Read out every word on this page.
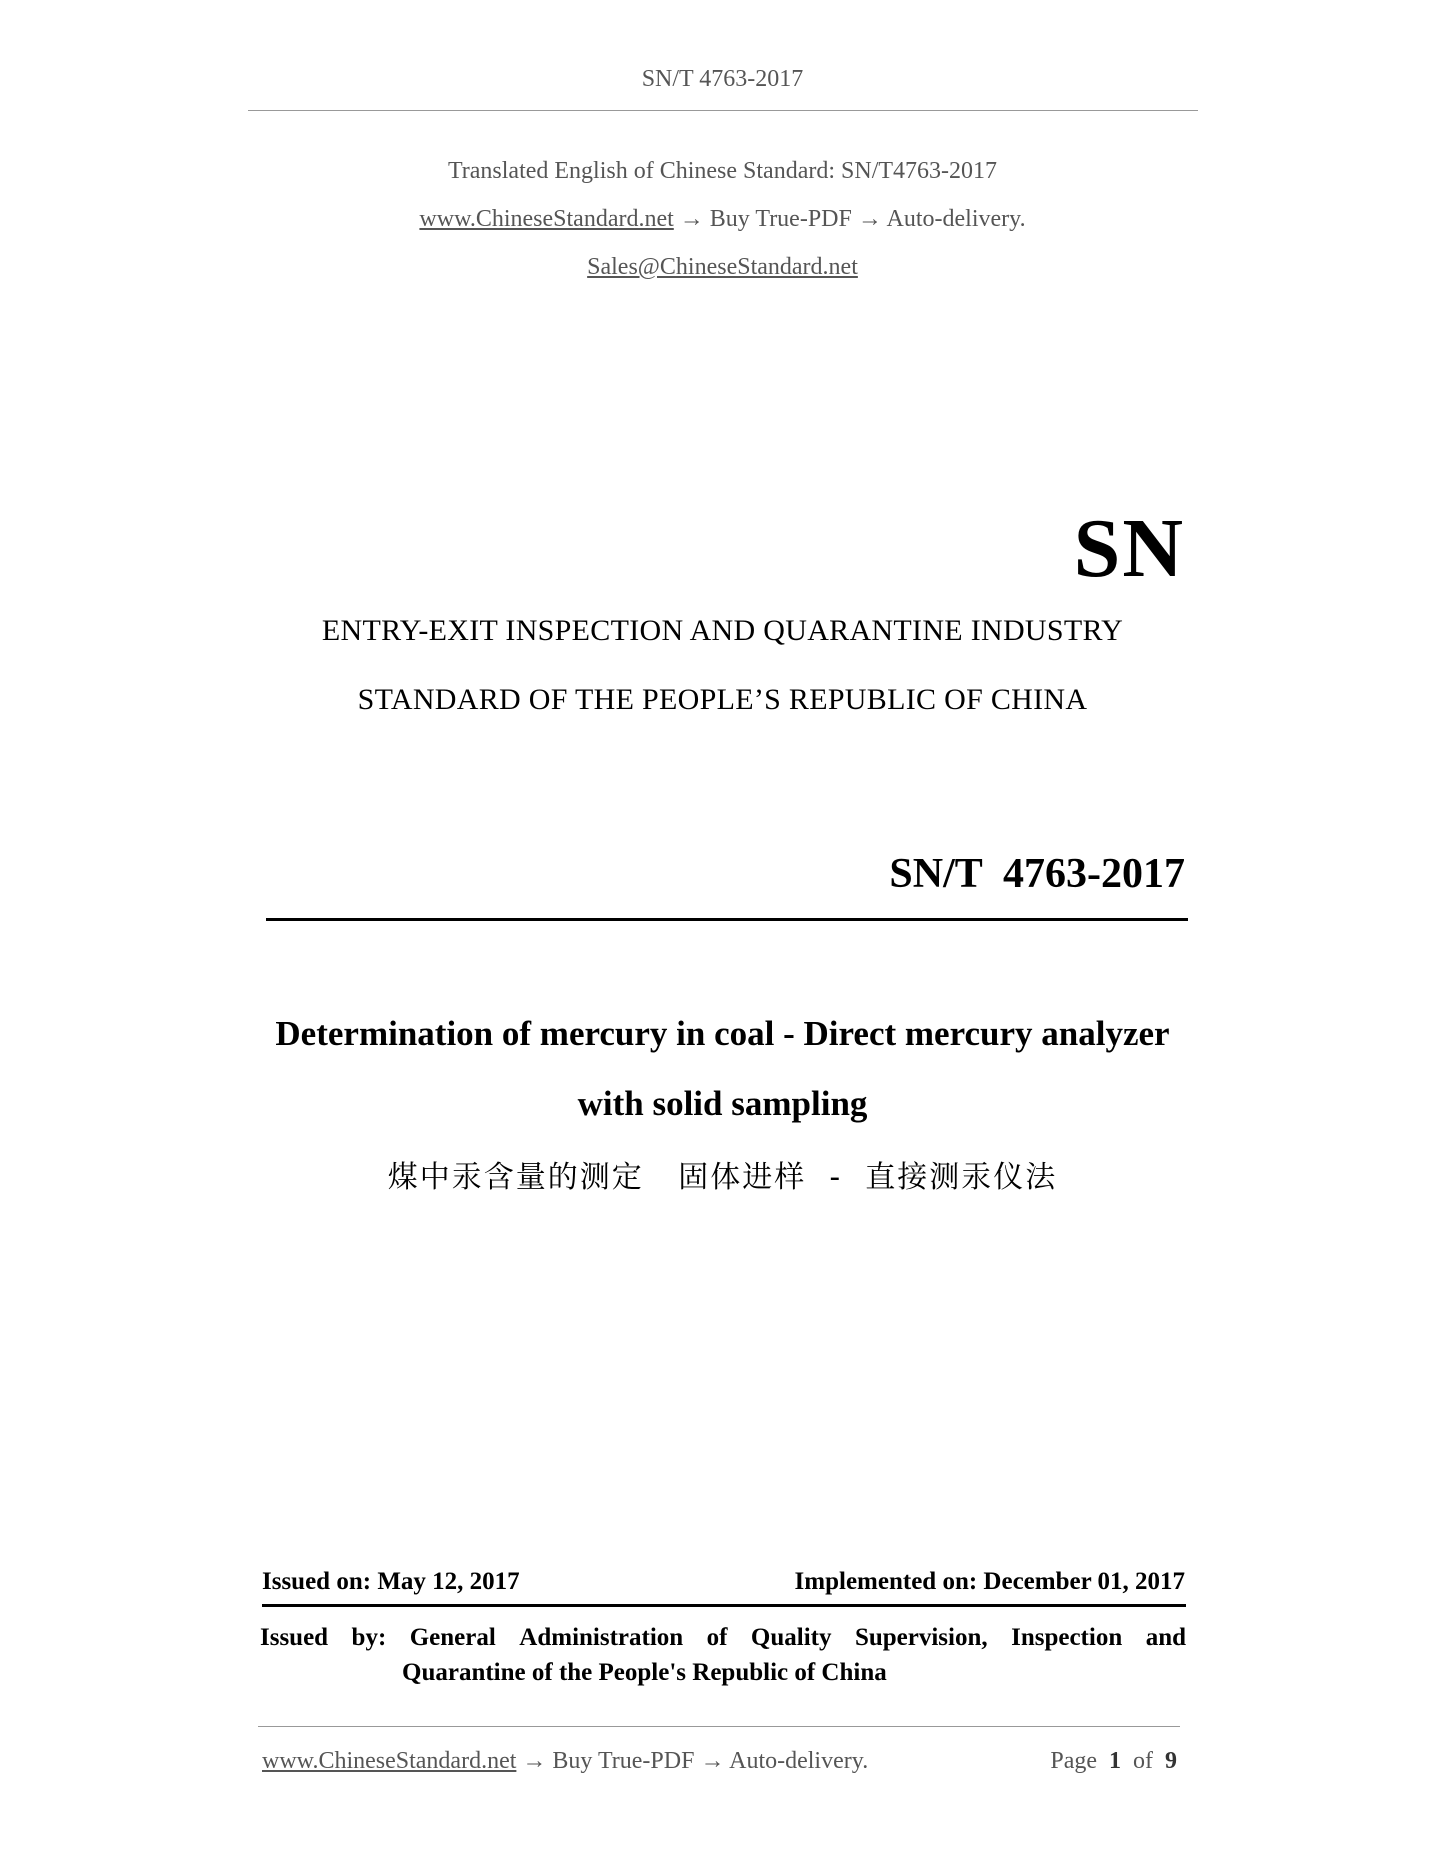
SN/T 4763-2017
Translated English of Chinese Standard: SN/T4763-2017
www.ChineseStandard.net → Buy True-PDF → Auto-delivery.
Sales@ChineseStandard.net
SN
ENTRY-EXIT INSPECTION AND QUARANTINE INDUSTRY
STANDARD OF THE PEOPLE’S REPUBLIC OF CHINA
SN/T  4763-2017
Determination of mercury in coal - Direct mercury analyzer
with solid sampling
煤中汞含量的测定   固体进样  -  直接测汞仪法
Issued on: May 12, 2017	Implemented on: December 01, 2017
Issued by: General Administration of Quality Supervision, Inspection and
Quarantine of the People's Republic of China
www.ChineseStandard.net → Buy True-PDF → Auto-delivery.	Page 1 of 9
